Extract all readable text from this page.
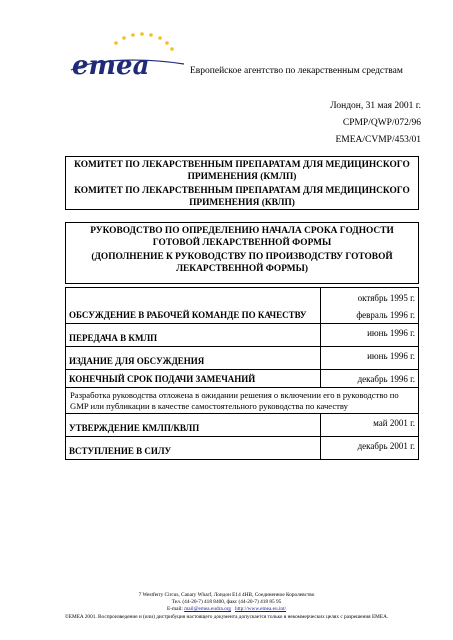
emea	Европейское агентство по лекарственным средствам
Лондон, 31 мая 2001 г.
CPMP/QWP/072/96
EMEA/CVMP/453/01

КОМИТЕТ ПО ЛЕКАРСТВЕННЫМ ПРЕПАРАТАМ ДЛЯ МЕДИЦИНСКОГО ПРИМЕНЕНИЯ (КМЛП)

КОМИТЕТ ПО ЛЕКАРСТВЕННЫМ ПРЕПАРАТАМ ДЛЯ МЕДИЦИНСКОГО ПРИМЕНЕНИЯ (КВЛП)

РУКОВОДСТВО ПО ОПРЕДЕЛЕНИЮ НАЧАЛА СРОКА ГОДНОСТИ ГОТОВОЙ ЛЕКАРСТВЕННОЙ ФОРМЫ

(ДОПОЛНЕНИЕ К РУКОВОДСТВУ ПО ПРОИЗВОДСТВУ ГОТОВОЙ ЛЕКАРСТВЕННОЙ ФОРМЫ)

ОБСУЖДЕНИЕ В РАБОЧЕЙ КОМАНДЕ ПО КАЧЕСТВУ	октябрь 1995 г.
февраль 1996 г.

ПЕРЕДАЧА В КМЛП	июнь 1996 г.
ИЗДАНИЕ ДЛЯ ОБСУЖДЕНИЯ	июнь 1996 г.
КОНЕЧНЫЙ СРОК ПОДАЧИ ЗАМЕЧАНИЙ	декабрь 1996 г.
Разработка руководства отложена в ожидании решения о включении его в руководство по GMP или публикации в качестве самостоятельного руководства по качеству	
УТВЕРЖДЕНИЕ КМЛП/КВЛП	май 2001 г.
ВСТУПЛЕНИЕ В СИЛУ	декабрь 2001 г.
7 Westferry Circus, Canary Wharf, Лондон E14 4HB, Соединенное Королевство
Тел. (44-20-7) 418 8400, факс (44-20-7) 418 85 95
E-mail: mail@emea.eudra.org http://www.emea.eu.int/
©EMEA 2001. Воспроизведение и (или) дистрибуция настоящего документа допускается только в некоммерческих целях с разрешения EMEA.
